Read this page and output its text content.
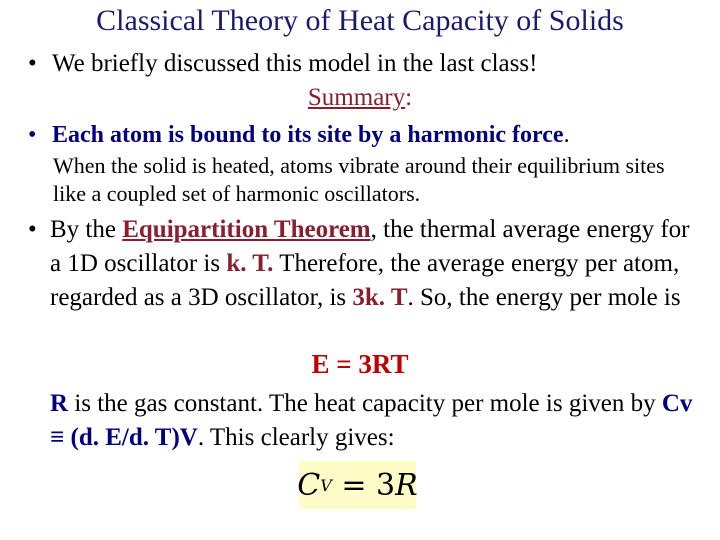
Classical Theory of Heat Capacity of Solids
• We briefly discussed this model in the last class!
Summary:
• Each atom is bound to its site by a harmonic force.
When the solid is heated, atoms vibrate around their equilibrium sites like a coupled set of harmonic oscillators.
• By the Equipartition Theorem, the thermal average energy for a 1D oscillator is k. T. Therefore, the average energy per atom, regarded as a 3D oscillator, is 3k. T. So, the energy per mole is
E = 3RT
R is the gas constant. The heat capacity per mole is given by Cv ≡ (d. E/d. T)V. This clearly gives:
C V = 3 R
